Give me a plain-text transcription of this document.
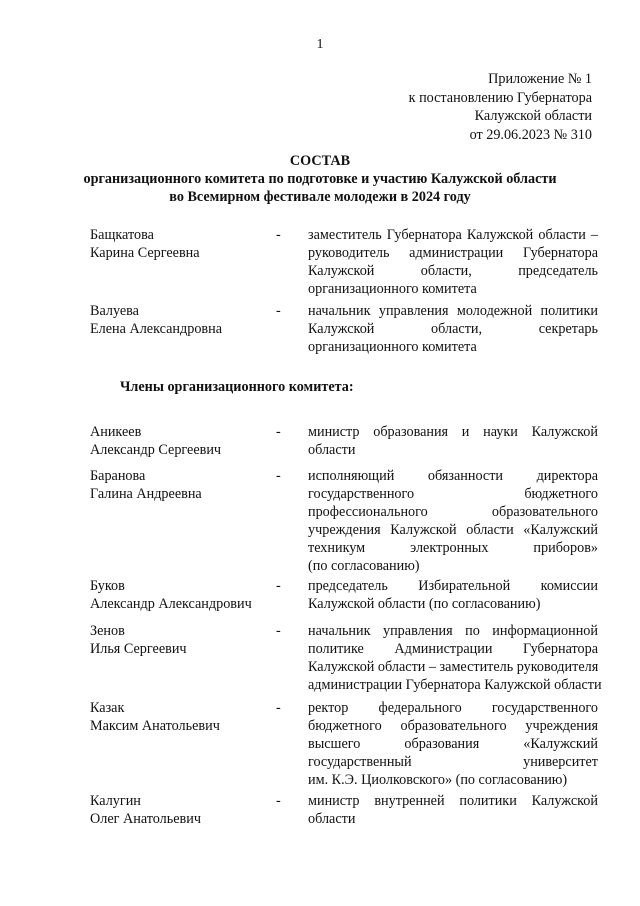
1
Приложение № 1
к постановлению Губернатора
Калужской области
от 29.06.2023 № 310
СОСТАВ
организационного комитета по подготовке и участию Калужской области
во Всемирном фестивале молодежи в 2024 году
Бащкатова
Карина Сергеевна
- заместитель Губернатора Калужской области –
руководитель администрации Губернатора
Калужской области, председатель
организационного комитета
Валуева
Елена Александровна
- начальник управления молодежной политики
Калужской области, секретарь
организационного комитета
Члены организационного комитета:
Аникеев
Александр Сергеевич
- министр образования и науки Калужской
области
Баранова
Галина Андреевна
- исполняющий обязанности директора
государственного бюджетного
профессионального образовательного
учреждения Калужской области «Калужский
техникум электронных приборов»
(по согласованию)
Буков
Александр Александрович
- председатель Избирательной комиссии
Калужской области (по согласованию)
Зенов
Илья Сергеевич
- начальник управления по информационной
политике Администрации Губернатора
Калужской области – заместитель руководителя
администрации Губернатора Калужской области
Казак
Максим Анатольевич
- ректор федерального государственного
бюджетного образовательного учреждения
высшего образования «Калужский
государственный университет
им. К.Э. Циолковского» (по согласованию)
Калугин
Олег Анатольевич
- министр внутренней политики Калужской
области
